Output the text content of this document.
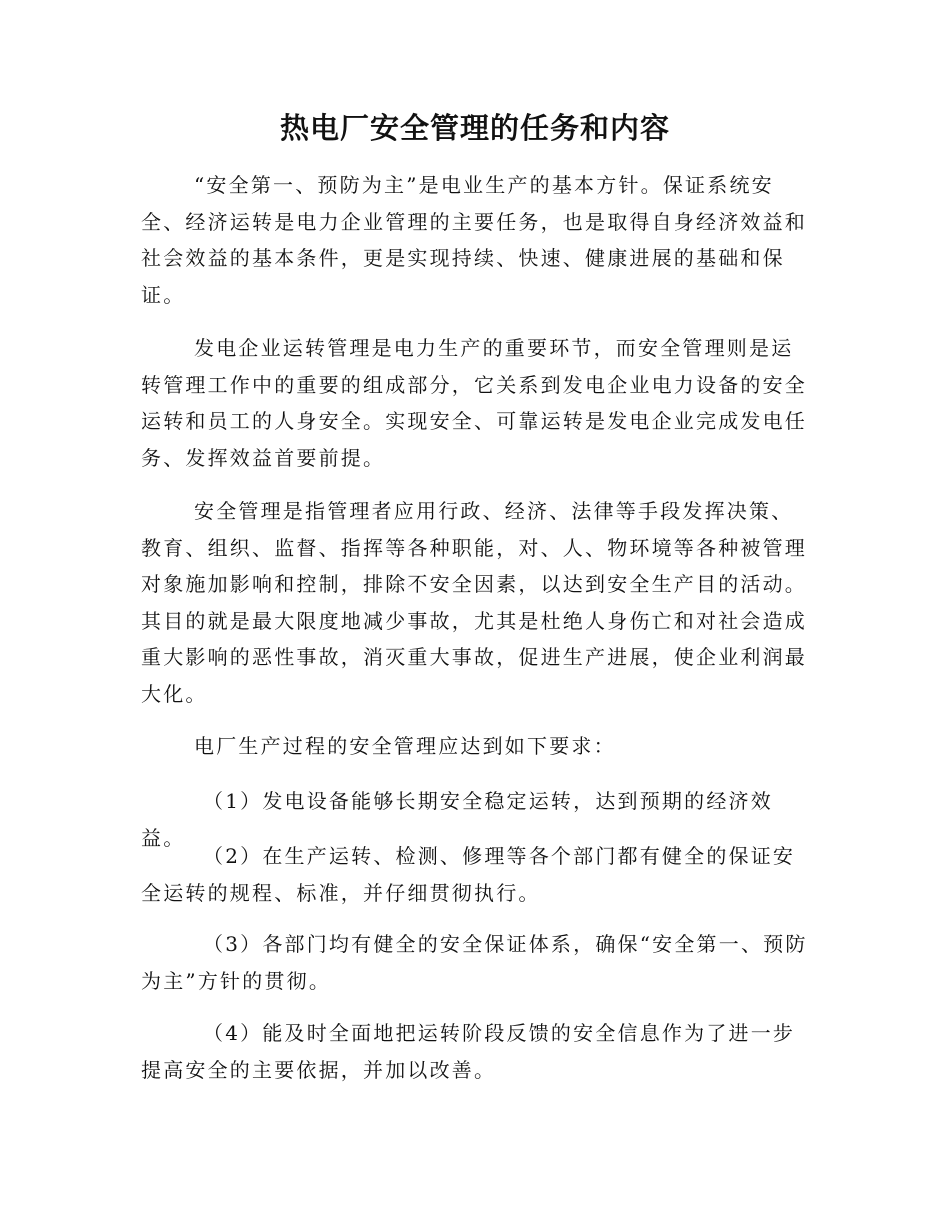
热电厂安全管理的任务和内容

“安全第一、预防为主”是电业生产的基本方针。保证系统安全、经济运转是电力企业管理的主要任务，也是取得自身经济效益和社会效益的基本条件，更是实现持续、快速、健康进展的基础和保证。

发电企业运转管理是电力生产的重要环节，而安全管理则是运转管理工作中的重要的组成部分，它关系到发电企业电力设备的安全运转和员工的人身安全。实现安全、可靠运转是发电企业完成发电任务、发挥效益首要前提。

安全管理是指管理者应用行政、经济、法律等手段发挥决策、教育、组织、监督、指挥等各种职能，对、人、物环境等各种被管理对象施加影响和控制，排除不安全因素，以达到安全生产目的活动。其目的就是最大限度地减少事故，尤其是杜绝人身伤亡和对社会造成重大影响的恶性事故，消灭重大事故，促进生产进展，使企业利润最大化。

电厂生产过程的安全管理应达到如下要求：

（1）发电设备能够长期安全稳定运转，达到预期的经济效益。

（2）在生产运转、检测、修理等各个部门都有健全的保证安全运转的规程、标准，并仔细贯彻执行。

（3）各部门均有健全的安全保证体系，确保“安全第一、预防为主”方针的贯彻。

（4）能及时全面地把运转阶段反馈的安全信息作为了进一步提高安全的主要依据，并加以改善。
